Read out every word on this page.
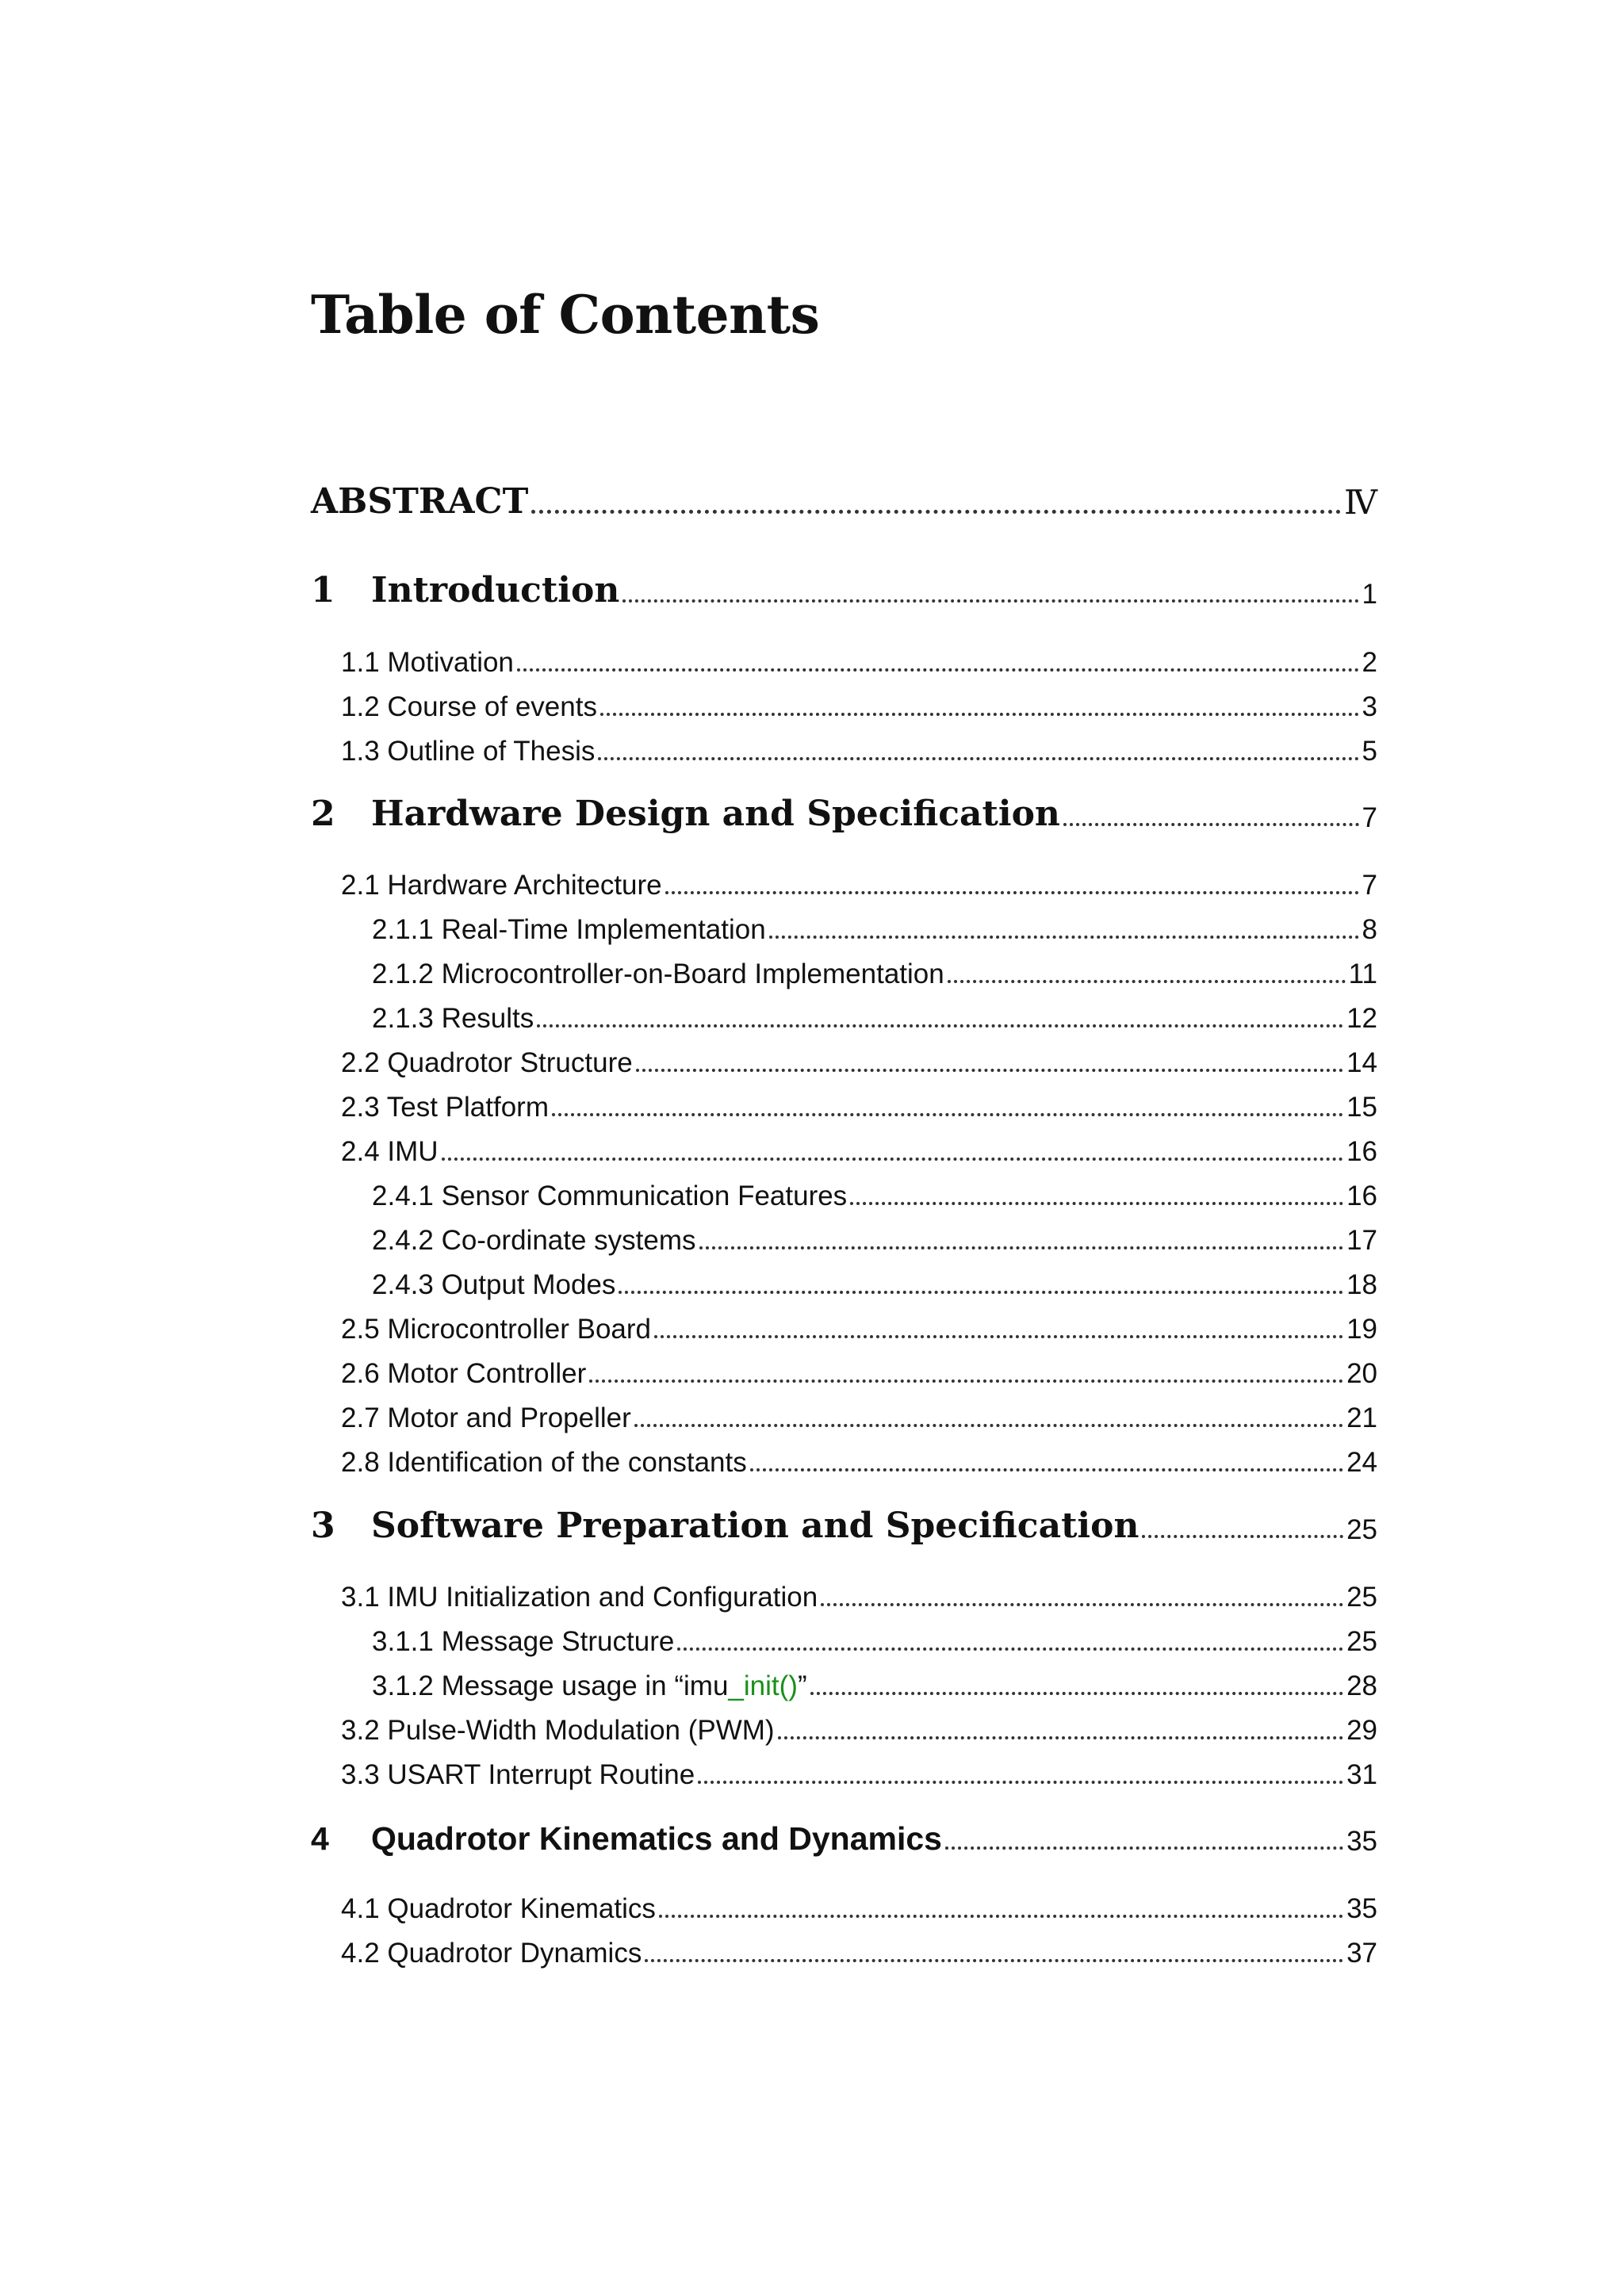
Table of Contents
ABSTRACT	Ⅳ
1 Introduction	1
1.1 Motivation	2
1.2 Course of events	3
1.3 Outline of Thesis	5
2 Hardware Design and Specification	7
2.1 Hardware Architecture	7
2.1.1 Real-Time Implementation	8
2.1.2 Microcontroller-on-Board Implementation	11
2.1.3 Results	12
2.2 Quadrotor Structure	14
2.3 Test Platform	15
2.4 IMU	16
2.4.1 Sensor Communication Features	16
2.4.2 Co-ordinate systems	17
2.4.3 Output Modes	18
2.5 Microcontroller Board	19
2.6 Motor Controller	20
2.7 Motor and Propeller	21
2.8 Identification of the constants	24
3 Software Preparation and Specification	25
3.1 IMU Initialization and Configuration	25
3.1.1 Message Structure	25
3.1.2 Message usage in “imu_init()”	28
3.2 Pulse-Width Modulation (PWM)	29
3.3 USART Interrupt Routine	31
4 Quadrotor Kinematics and Dynamics	35
4.1 Quadrotor Kinematics	35
4.2 Quadrotor Dynamics	37
